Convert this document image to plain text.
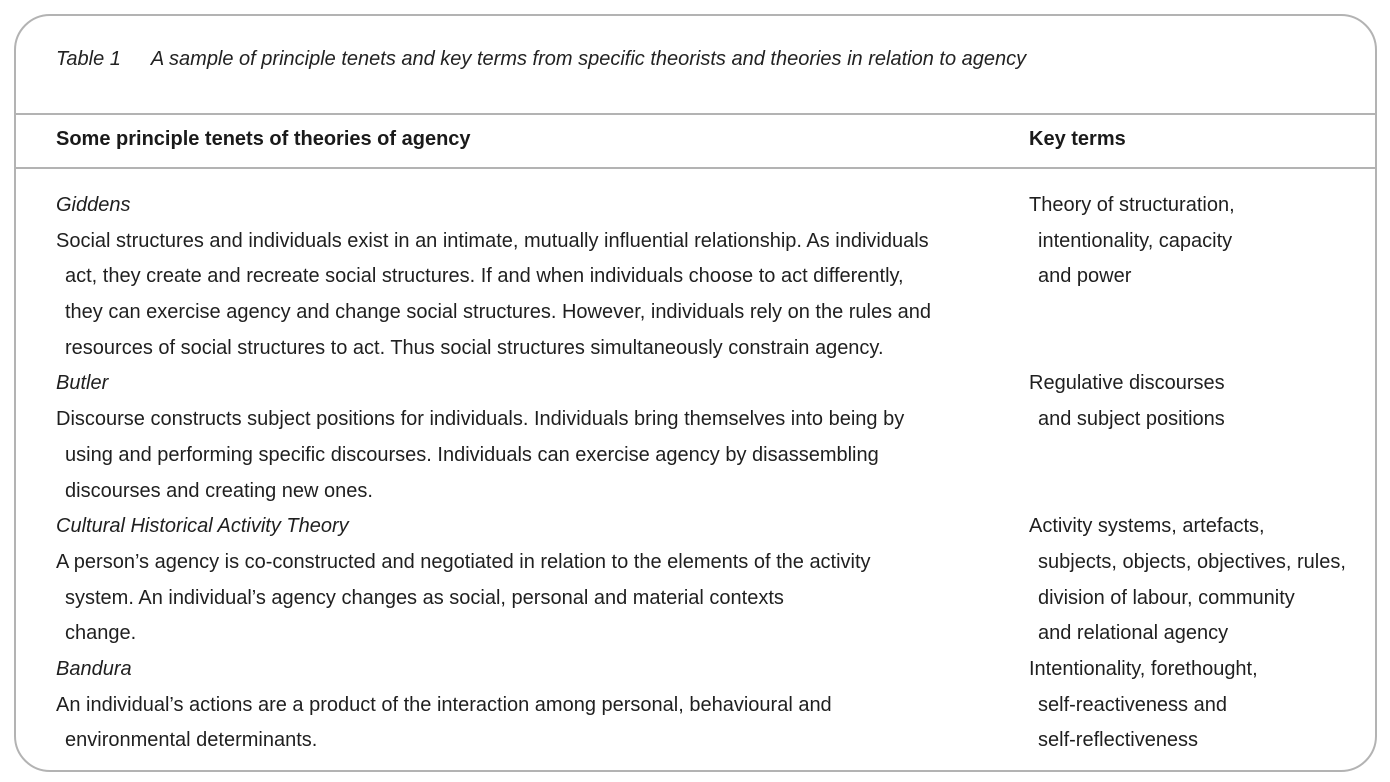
Table 1 A sample of principle tenets and key terms from specific theorists and theories in relation to agency
Some principle tenets of theories of agency	Key terms
Giddens
Social structures and individuals exist in an intimate, mutually influential relationship. As individuals
act, they create and recreate social structures. If and when individuals choose to act differently,
they can exercise agency and change social structures. However, individuals rely on the rules and
resources of social structures to act. Thus social structures simultaneously constrain agency.
Theory of structuration,
intentionality, capacity
and power
Butler
Discourse constructs subject positions for individuals. Individuals bring themselves into being by
using and performing specific discourses. Individuals can exercise agency by disassembling
discourses and creating new ones.
Regulative discourses
and subject positions
Cultural Historical Activity Theory
A person’s agency is co-constructed and negotiated in relation to the elements of the activity
system. An individual’s agency changes as social, personal and material contexts
change.
Activity systems, artefacts,
subjects, objects, objectives, rules,
division of labour, community
and relational agency
Bandura
An individual’s actions are a product of the interaction among personal, behavioural and
environmental determinants.
Intentionality, forethought,
self-reactiveness and
self-reflectiveness
